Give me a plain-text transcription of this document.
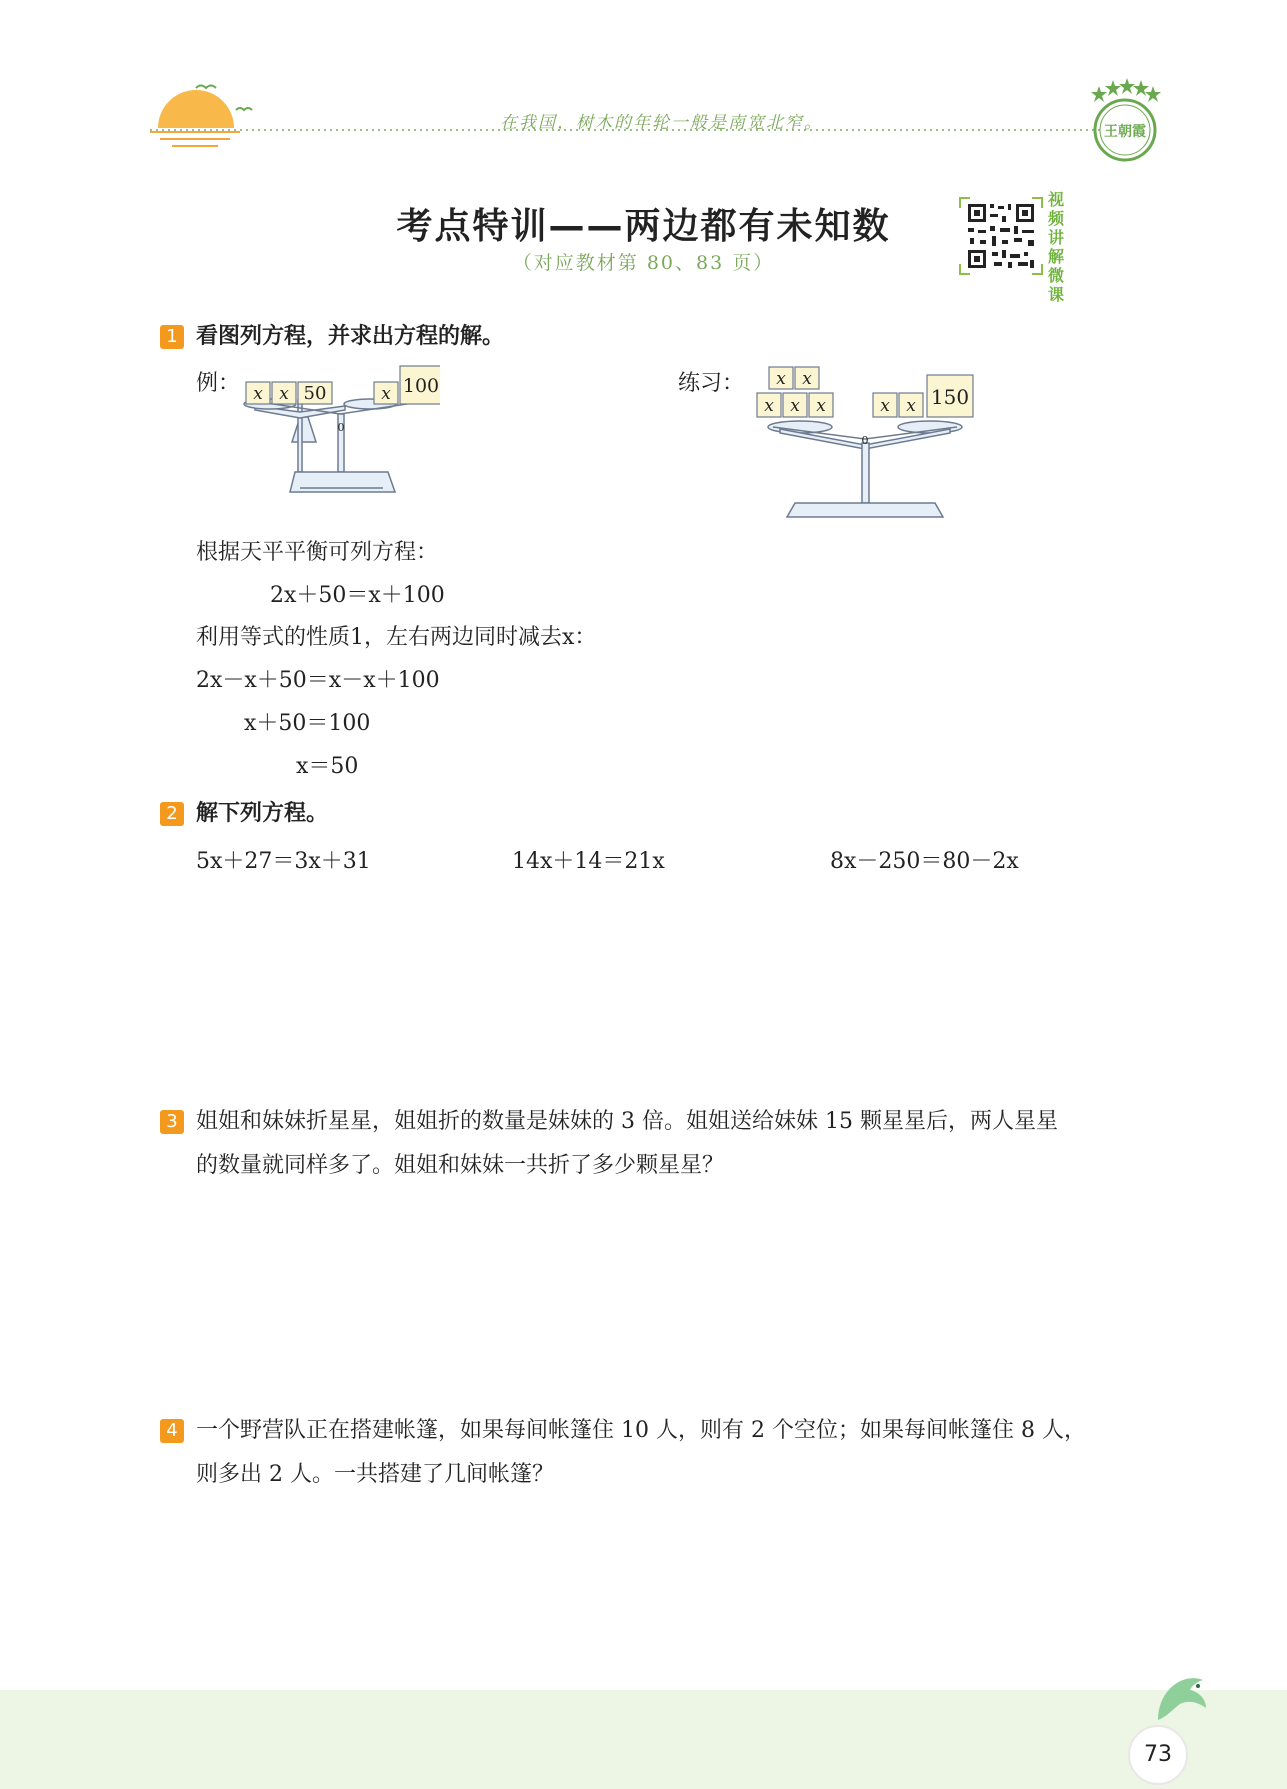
在我国，树木的年轮一般是南宽北窄。	王朝霞
考点特训——两边都有未知数
（对应教材第 80、83 页）
视频讲解微课
1 看图列方程，并求出方程的解。
例：	练习：
x x 50	x 100
0
x x
x x x	x x 150
0
根据天平平衡可列方程：
2x＋50＝x＋100
利用等式的性质1，左右两边同时减去x：
2x－x＋50＝x－x＋100
x＋50＝100
x＝50
2 解下列方程。
5x＋27＝3x＋31	14x＋14＝21x	8x－250＝80－2x
3 姐姐和妹妹折星星，姐姐折的数量是妹妹的 3 倍。姐姐送给妹妹 15 颗星星后，两人星星
的数量就同样多了。姐姐和妹妹一共折了多少颗星星？
4 一个野营队正在搭建帐篷，如果每间帐篷住 10 人，则有 2 个空位；如果每间帐篷住 8 人，
则多出 2 人。一共搭建了几间帐篷？
73
